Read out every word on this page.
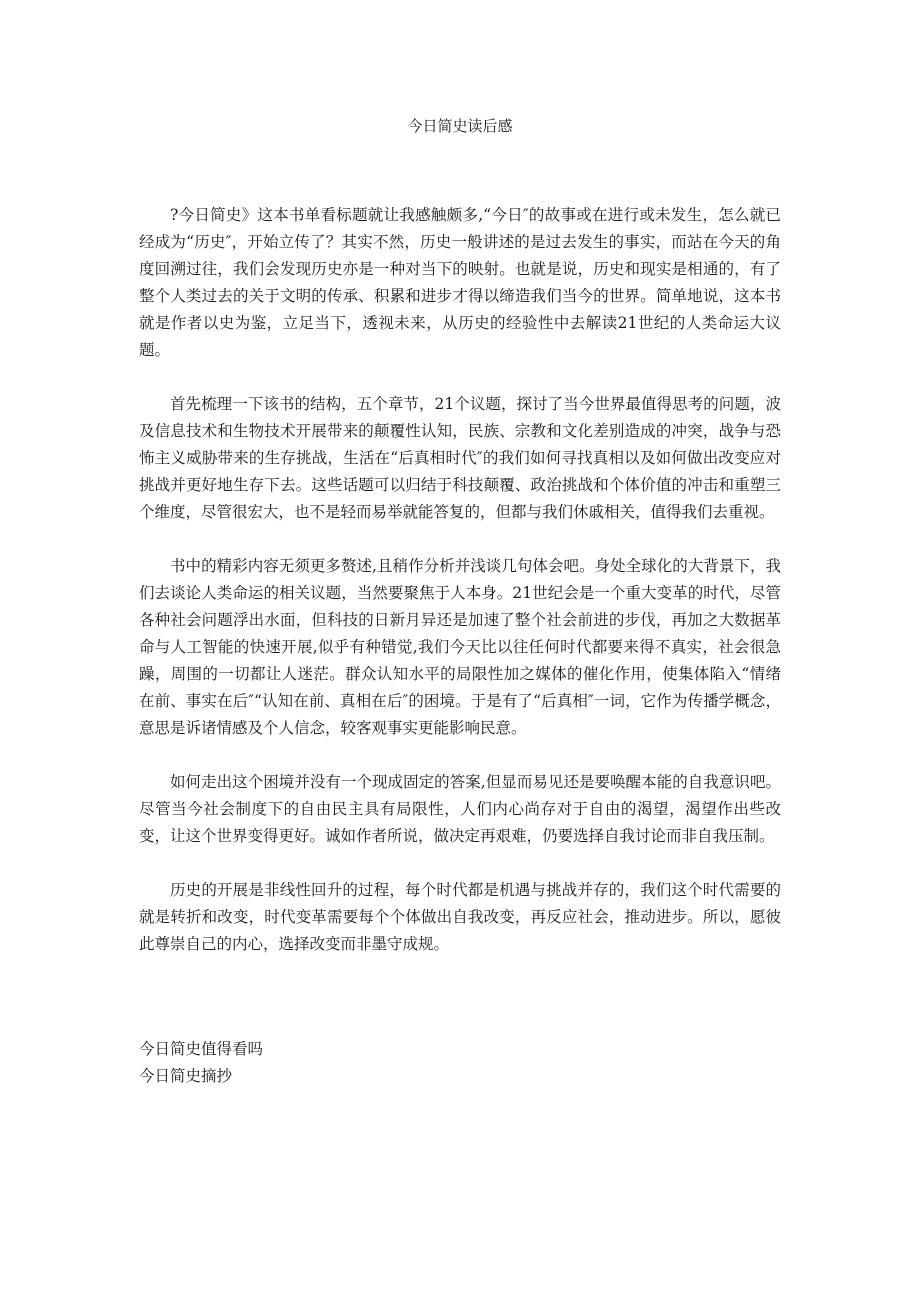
今日简史读后感

?今日简史》这本书单看标题就让我感触颇多,“今日″的故事或在进行或未发生，怎么就已经成为“历史″，开始立传了？其实不然，历史一般讲述的是过去发生的事实，而站在今天的角度回溯过往，我们会发现历史亦是一种对当下的映射。也就是说，历史和现实是相通的，有了整个人类过去的关于文明的传承、积累和进步才得以缔造我们当今的世界。简单地说，这本书就是作者以史为鉴，立足当下，透视未来，从历史的经验性中去解读21世纪的人类命运大议题。

首先梳理一下该书的结构，五个章节，21个议题，探讨了当今世界最值得思考的问题，波及信息技术和生物技术开展带来的颠覆性认知，民族、宗教和文化差别造成的冲突，战争与恐怖主义威胁带来的生存挑战，生活在“后真相时代″的我们如何寻找真相以及如何做出改变应对挑战并更好地生存下去。这些话题可以归结于科技颠覆、政治挑战和个体价值的冲击和重塑三个维度，尽管很宏大，也不是轻而易举就能答复的，但都与我们休戚相关，值得我们去重视。

书中的精彩内容无须更多赘述,且稍作分析并浅谈几句体会吧。身处全球化的大背景下，我们去谈论人类命运的相关议题，当然要聚焦于人本身。21世纪会是一个重大变革的时代，尽管各种社会问题浮出水面，但科技的日新月异还是加速了整个社会前进的步伐，再加之大数据革命与人工智能的快速开展,似乎有种错觉,我们今天比以往任何时代都要来得不真实，社会很急躁，周围的一切都让人迷茫。群众认知水平的局限性加之媒体的催化作用，使集体陷入“情绪在前、事实在后″“认知在前、真相在后″的困境。于是有了“后真相″一词，它作为传播学概念，意思是诉诸情感及个人信念，较客观事实更能影响民意。

如何走出这个困境并没有一个现成固定的答案,但显而易见还是要唤醒本能的自我意识吧。尽管当今社会制度下的自由民主具有局限性，人们内心尚存对于自由的渴望，渴望作出些改变，让这个世界变得更好。诚如作者所说，做决定再艰难，仍要选择自我讨论而非自我压制。

历史的开展是非线性回升的过程，每个时代都是机遇与挑战并存的，我们这个时代需要的就是转折和改变，时代变革需要每个个体做出自我改变，再反应社会，推动进步。所以，愿彼此尊崇自己的内心，选择改变而非墨守成规。

今日简史值得看吗
今日简史摘抄
